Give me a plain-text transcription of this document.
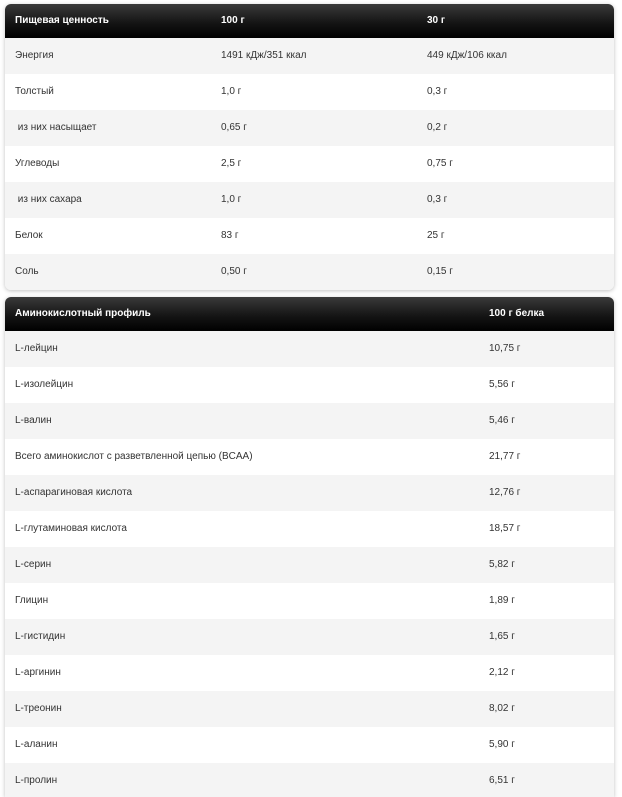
Пищевая ценность	100 г	30 г
Энергия	1491 кДж/351 ккал	449 кДж/106 ккал
Толстый	1,0 г	0,3 г
из них насыщает	0,65 г	0,2 г
Углеводы	2,5 г	0,75 г
из них сахара	1,0 г	0,3 г
Белок	83 г	25 г
Соль	0,50 г	0,15 г
Аминокислотный профиль	100 г белка
L-лейцин	10,75 г
L-изолейцин	5,56 г
L-валин	5,46 г
Всего аминокислот с разветвленной цепью (BCAA)	21,77 г
L-аспарагиновая кислота	12,76 г
L-глутаминовая кислота	18,57 г
L-серин	5,82 г
Глицин	1,89 г
L-гистидин	1,65 г
L-аргинин	2,12 г
L-треонин	8,02 г
L-аланин	5,90 г
L-пролин	6,51 г
